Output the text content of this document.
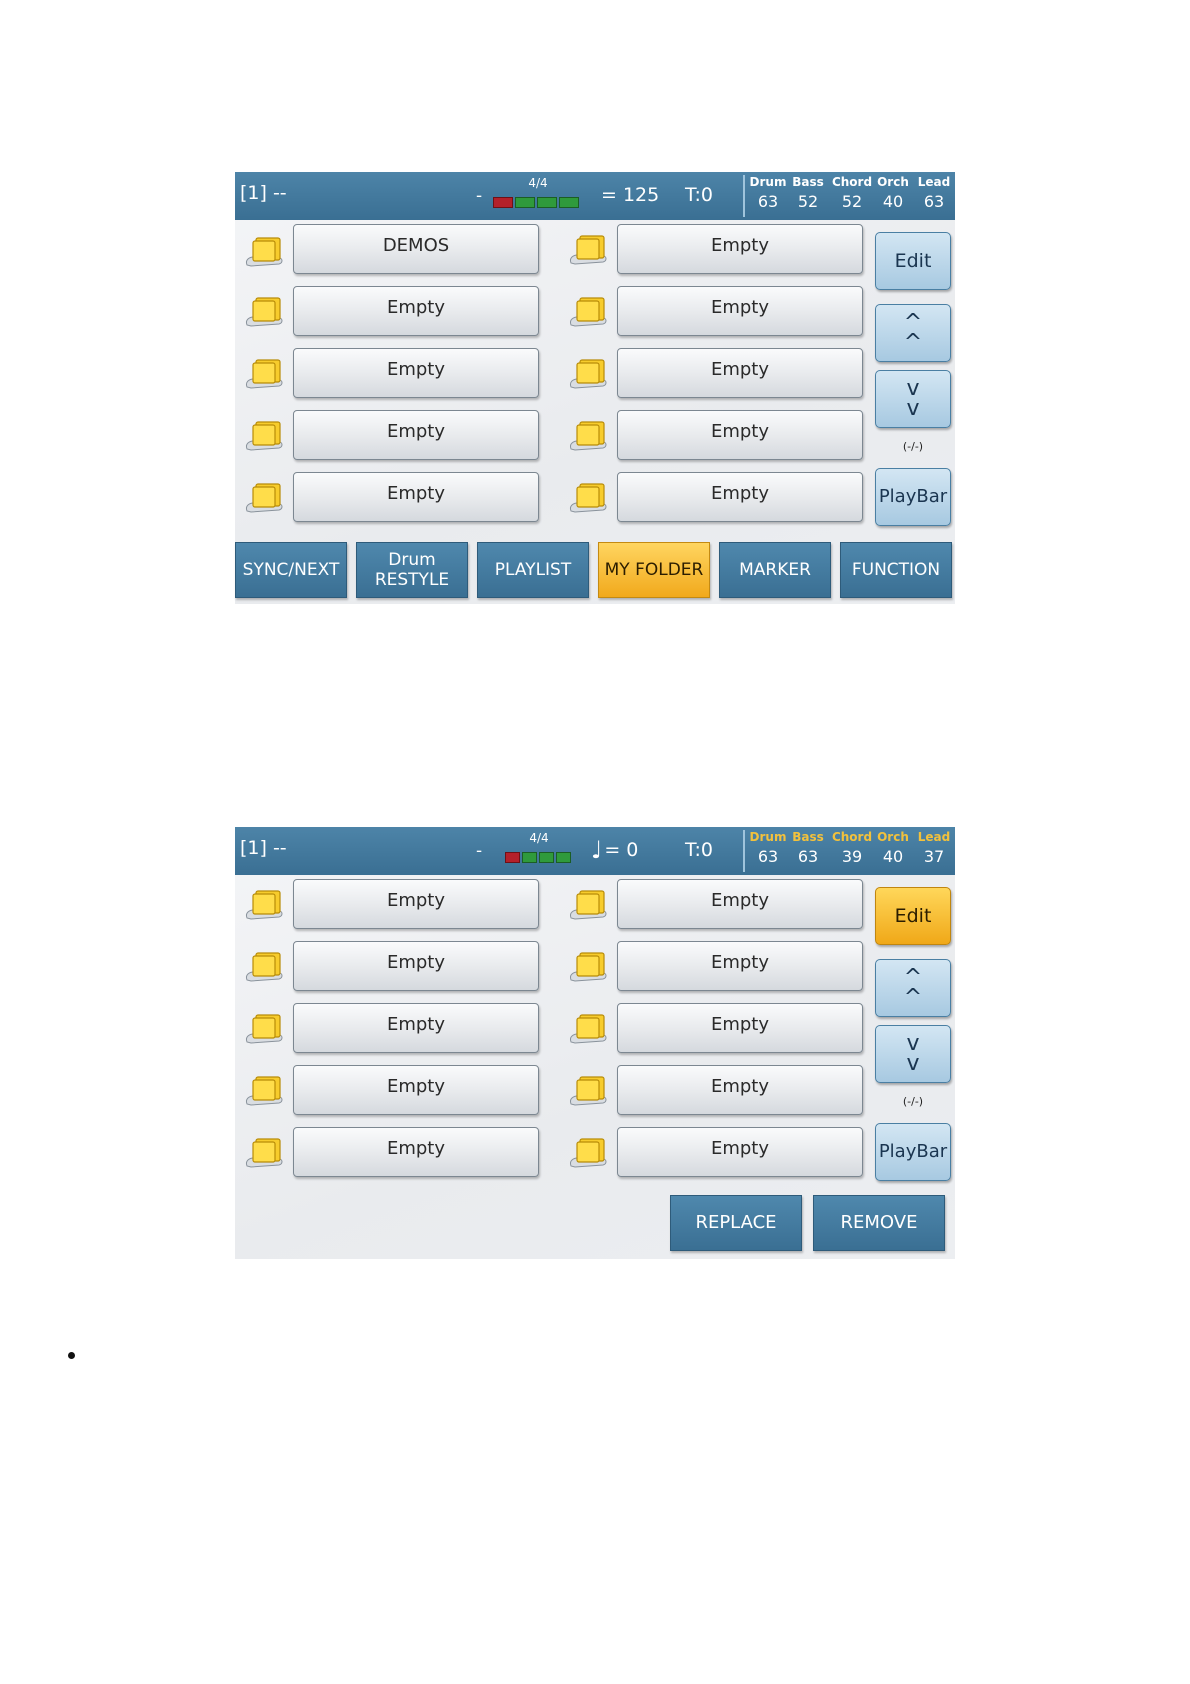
[1] --	-
4/4
= 125 T:0
Drum
63
Bass
52
Chord
52
Orch
40
Lead
63
DEMOS
Empty
Empty
Empty
Empty
Empty
Empty
Empty
Empty
Empty
Edit
^
^
v
v
(-/-)
PlayBar
SYNC/NEXT	Drum
RESTYLE	PLAYLIST MY FOLDER MARKER FUNCTION
[1] --	-
4/4	♩ = 0 T:0
Drum
63
Bass
63
Chord
39
Orch
40
Lead
37
Empty
Empty
Empty
Empty
Empty
Empty
Empty
Empty
Empty
Empty
Edit
^
^
v
v
(-/-)
PlayBar
REPLACE	REMOVE
